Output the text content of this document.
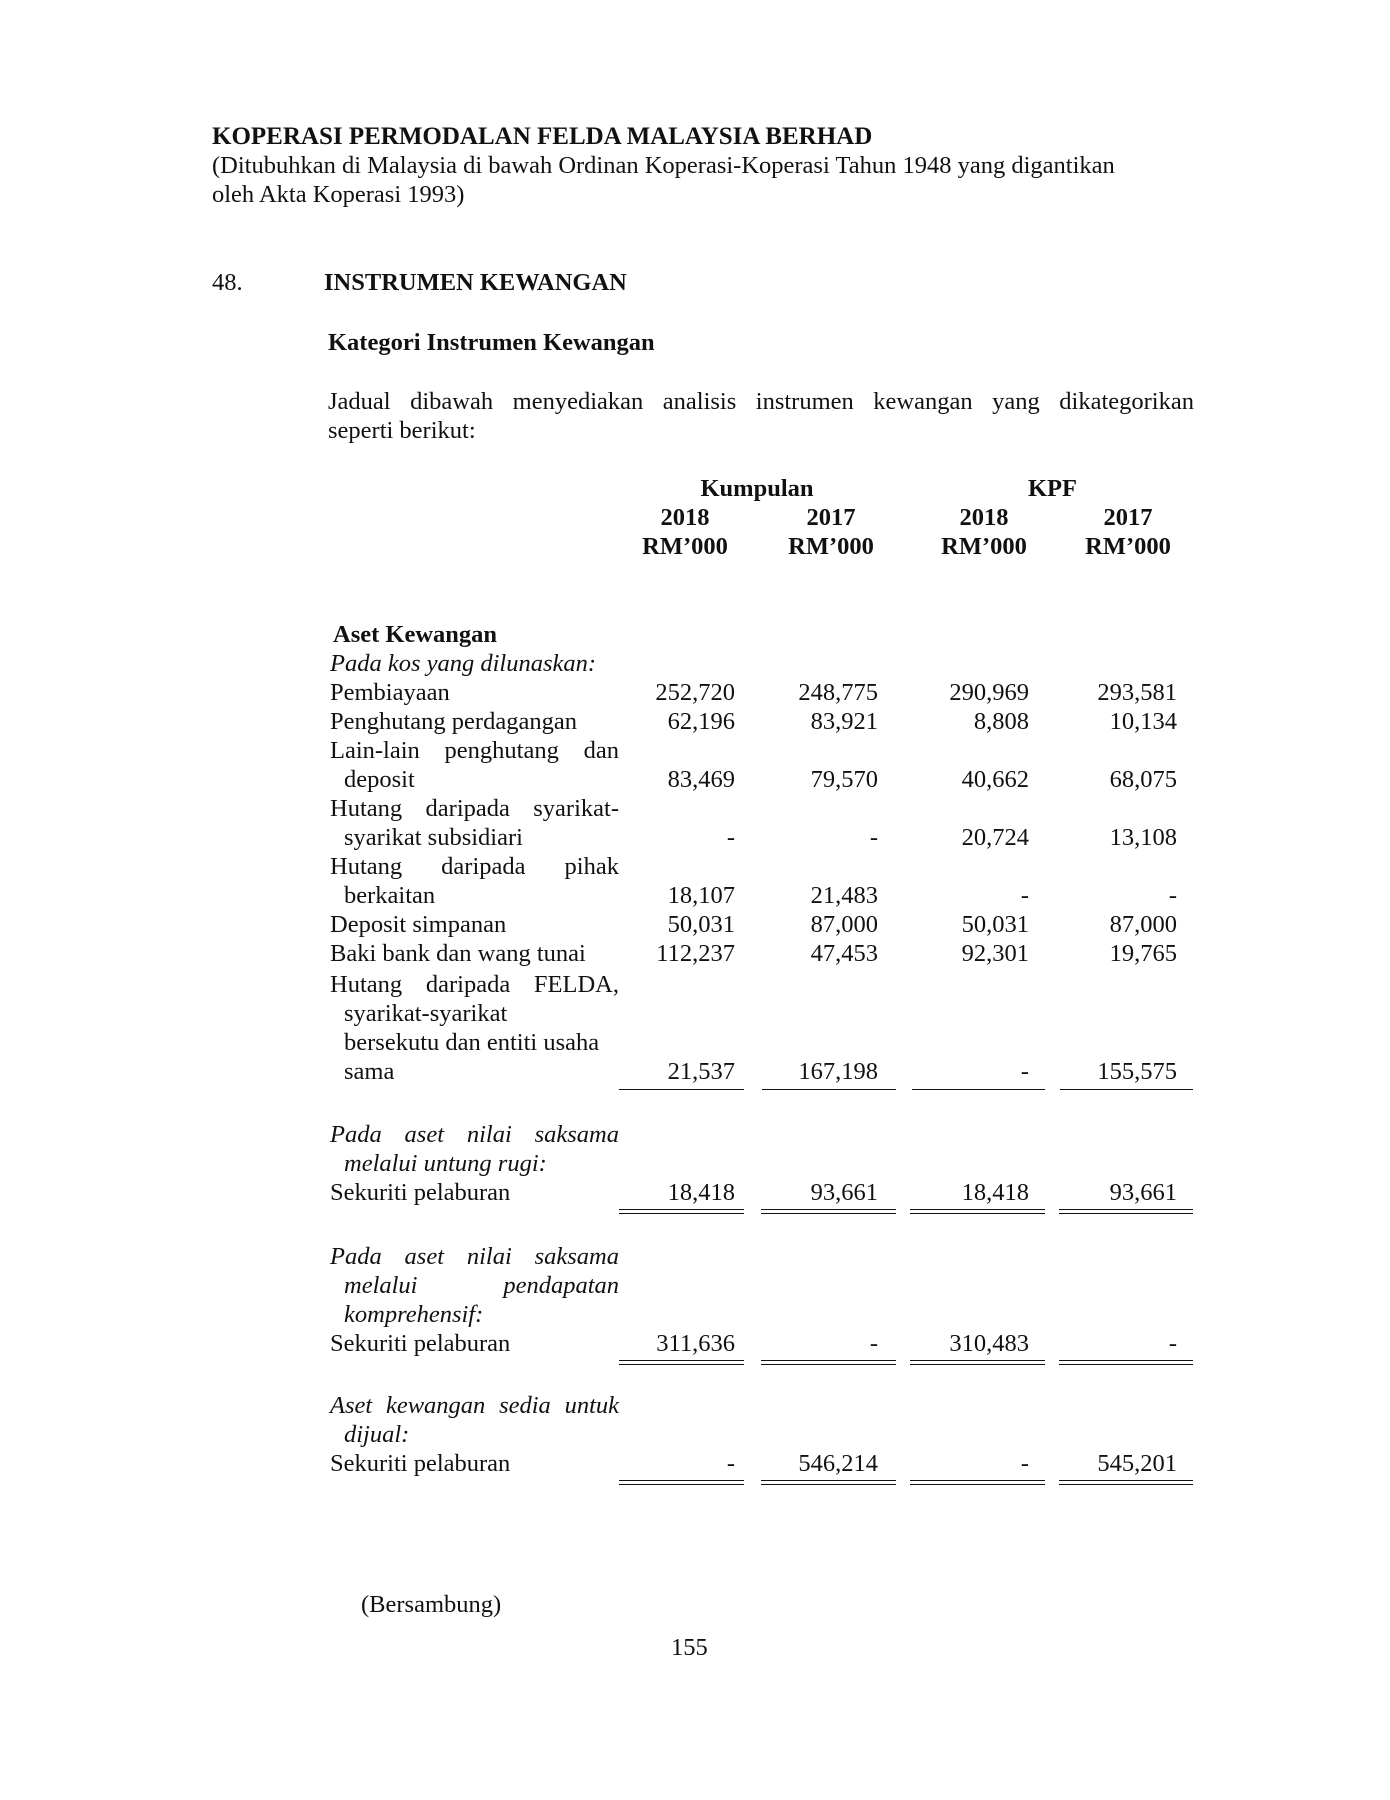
KOPERASI PERMODALAN FELDA MALAYSIA BERHAD
(Ditubuhkan di Malaysia di bawah Ordinan Koperasi-Koperasi Tahun 1948 yang digantikan
oleh Akta Koperasi 1993)
48.	INSTRUMEN KEWANGAN
Kategori Instrumen Kewangan
Jadual dibawah menyediakan analisis instrumen kewangan yang dikategorikan
seperti berikut:
Kumpulan	KPF
2018	2017	2018	2017
RM’000	RM’000	RM’000	RM’000
Aset Kewangan
Pada kos yang dilunaskan:
Pembiayaan	252,720	248,775	290,969	293,581
Penghutang perdagangan	62,196	83,921	8,808	10,134
Lain-lain penghutang dan
deposit	83,469	79,570	40,662	68,075
Hutang daripada syarikat-
syarikat subsidiari	-	-	20,724	13,108
Hutang daripada pihak
berkaitan	18,107	21,483	-	-
Deposit simpanan	50,031	87,000	50,031	87,000
Baki bank dan wang tunai	112,237	47,453	92,301	19,765
Hutang daripada FELDA,
syarikat-syarikat
bersekutu dan entiti usaha
sama	21,537	167,198	-	155,575
Pada aset nilai saksama
melalui untung rugi:
Sekuriti pelaburan	18,418	93,661	18,418	93,661
Pada aset nilai saksama
melalui pendapatan
komprehensif:
Sekuriti pelaburan	311,636	-	310,483	-
Aset kewangan sedia untuk
dijual:
Sekuriti pelaburan	-	546,214	-	545,201
(Bersambung)
155
